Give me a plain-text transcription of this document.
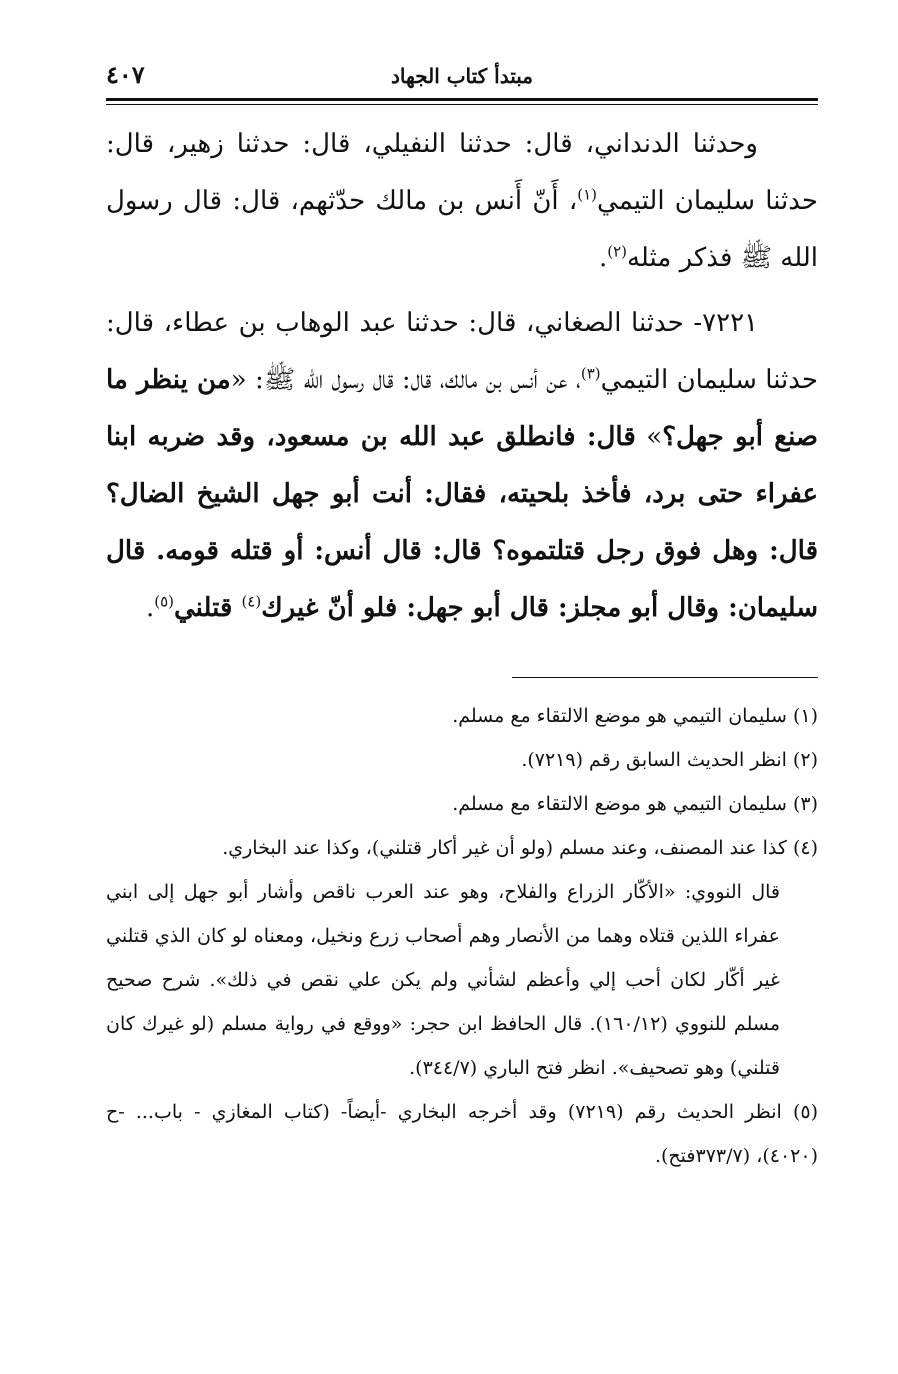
٤٠٧	مبتدأ كتاب الجهاد

وحدثنا الدنداني، قال: حدثنا النفيلي، قال: حدثنا زهير، قال: حدثنا سليمان التيمي$^{(١)}$، أَنّ أَنس بن مالك حدّثهم، قال: قال رسول الله ﷺ فذكر مثله$^{(٢)}$.

٧٢٢١- حدثنا الصغاني، قال: حدثنا عبد الوهاب بن عطاء، قال: حدثنا سليمان التيمي$^{(٣)}$، عن أنس بن مالك، قال: قال رسول الله ﷺ: «من ينظر ما صنع أبو جهل؟» قال: فانطلق عبد الله بن مسعود، وقد ضربه ابنا عفراء حتى برد، فأخذ بلحيته، فقال: أنت أبو جهل الشيخ الضال؟ قال: وهل فوق رجل قتلتموه؟ قال: قال أنس: أو قتله قومه. قال سليمان: وقال أبو مجلز: قال أبو جهل: فلو أنّ غيرك$^{(٤)}$ قتلني$^{(٥)}$.

(١) سليمان التيمي هو موضع الالتقاء مع مسلم.

(٢) انظر الحديث السابق رقم (٧٢١٩).

(٣) سليمان التيمي هو موضع الالتقاء مع مسلم.

(٤) كذا عند المصنف، وعند مسلم (ولو أن غير أكار قتلني)، وكذا عند البخاري.

قال النووي: «الأكّار الزراع والفلاح، وهو عند العرب ناقص وأشار أبو جهل إلى ابني عفراء اللذين قتلاه وهما من الأنصار وهم أصحاب زرع ونخيل، ومعناه لو كان الذي قتلني غير أكّار لكان أحب إلي وأعظم لشأني ولم يكن علي نقص في ذلك». شرح صحيح مسلم للنووي (١٦٠/١٢). قال الحافظ ابن حجر: «ووقع في رواية مسلم (لو غيرك كان قتلني) وهو تصحيف». انظر فتح الباري (٣٤٤/٧).

(٥) انظر الحديث رقم (٧٢١٩) وقد أخرجه البخاري -أيضاً- (كتاب المغازي - باب... -ح (٤٠٢٠)، (٣٧٣/٧فتح).
